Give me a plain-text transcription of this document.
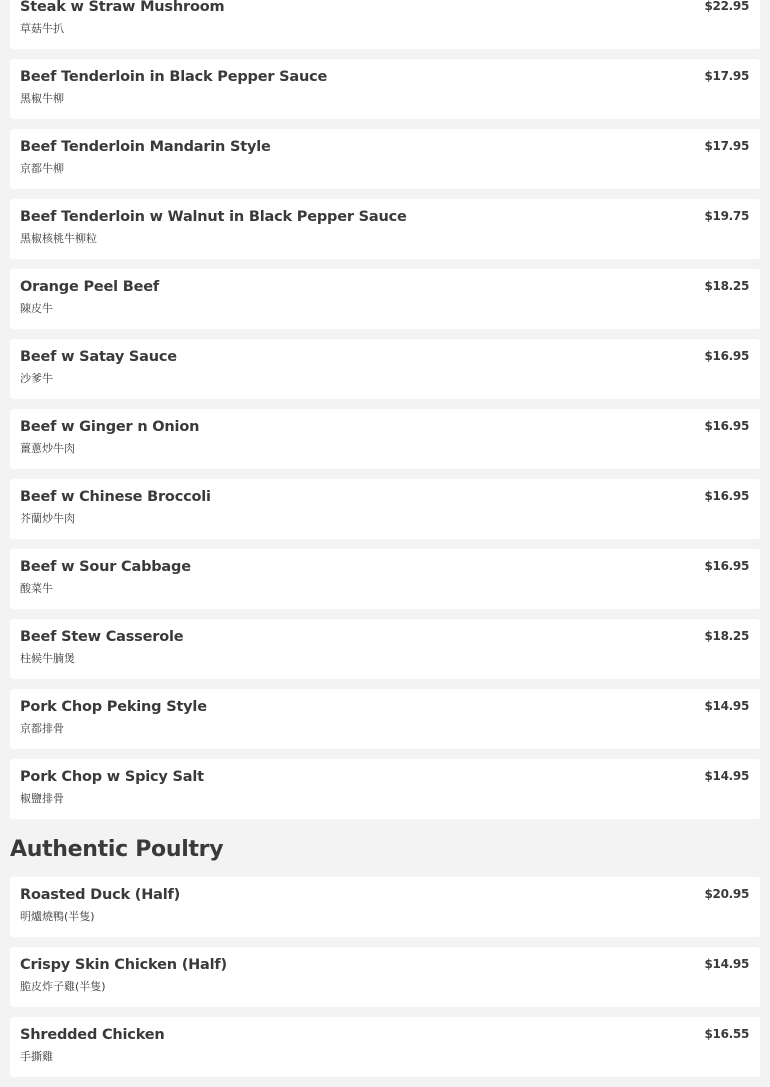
Steak w Straw Mushroom
草菇牛扒
$22.95
Beef Tenderloin in Black Pepper Sauce
黑椒牛柳
$17.95
Beef Tenderloin Mandarin Style
京都牛柳
$17.95
Beef Tenderloin w Walnut in Black Pepper Sauce
黑椒核桃牛柳粒
$19.75
Orange Peel Beef
陳皮牛
$18.25
Beef w Satay Sauce
沙爹牛
$16.95
Beef w Ginger n Onion
薑蔥炒牛肉
$16.95
Beef w Chinese Broccoli
芥蘭炒牛肉
$16.95
Beef w Sour Cabbage
酸菜牛
$16.95
Beef Stew Casserole
柱候牛腩煲
$18.25
Pork Chop Peking Style
京都排骨
$14.95
Pork Chop w Spicy Salt
椒鹽排骨
$14.95
Authentic Poultry
Roasted Duck (Half)
明爐燒鴨(半隻)
$20.95
Crispy Skin Chicken (Half)
脆皮炸子雞(半隻)
$14.95
Shredded Chicken
手撕雞
$16.55
